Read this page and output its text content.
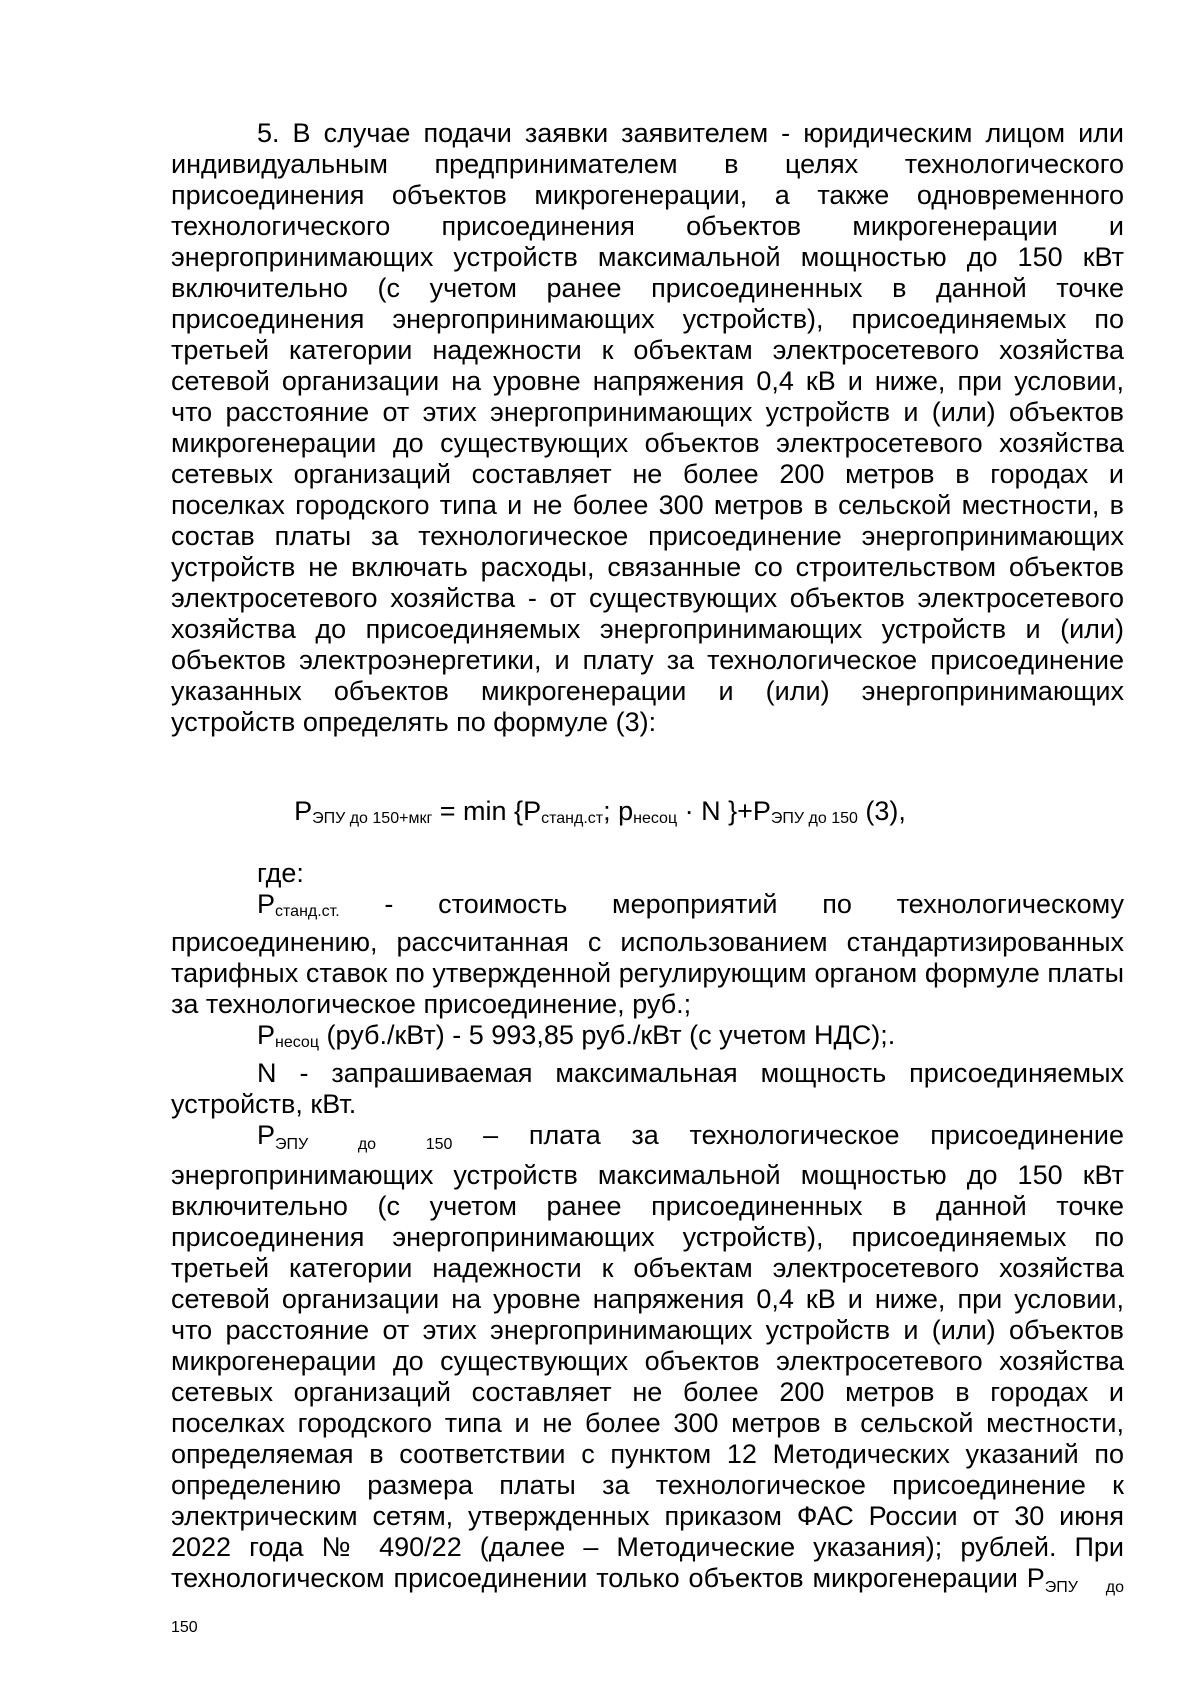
5. В случае подачи заявки заявителем - юридическим лицом или индивидуальным предпринимателем в целях технологического присоединения объектов микрогенерации, а также одновременного технологического присоединения объектов микрогенерации и энергопринимающих устройств максимальной мощностью до 150 кВт включительно (с учетом ранее присоединенных в данной точке присоединения энергопринимающих устройств), присоединяемых по третьей категории надежности к объектам электросетевого хозяйства сетевой организации на уровне напряжения 0,4 кВ и ниже, при условии, что расстояние от этих энергопринимающих устройств и (или) объектов микрогенерации до существующих объектов электросетевого хозяйства сетевых организаций составляет не более 200 метров в городах и поселках городского типа и не более 300 метров в сельской местности, в состав платы за технологическое присоединение энергопринимающих устройств не включать расходы, связанные со строительством объектов электросетевого хозяйства - от существующих объектов электросетевого хозяйства до присоединяемых энергопринимающих устройств и (или) объектов электроэнергетики, и плату за технологическое присоединение указанных объектов микрогенерации и (или) энергопринимающих устройств определять по формуле (3):

PЭПУ до 150+мкг = min {Pстанд.ст; pнесоц · N }+PЭПУ до 150 (3),

где:

Pстанд.ст. - стоимость мероприятий по технологическому присоединению, рассчитанная с использованием стандартизированных тарифных ставок по утвержденной регулирующим органом формуле платы за технологическое присоединение, руб.;

Pнесоц (руб./кВт) - 5 993,85 руб./кВт (с учетом НДС);.

N - запрашиваемая максимальная мощность присоединяемых устройств, кВт.

PЭПУ до 150 – плата за технологическое присоединение энергопринимающих устройств максимальной мощностью до 150 кВт включительно (с учетом ранее присоединенных в данной точке присоединения энергопринимающих устройств), присоединяемых по третьей категории надежности к объектам электросетевого хозяйства сетевой организации на уровне напряжения 0,4 кВ и ниже, при условии, что расстояние от этих энергопринимающих устройств и (или) объектов микрогенерации до существующих объектов электросетевого хозяйства сетевых организаций составляет не более 200 метров в городах и поселках городского типа и не более 300 метров в сельской местности, определяемая в соответствии с пунктом 12 Методических указаний по определению размера платы за технологическое присоединение к электрическим сетям, утвержденных приказом ФАС России от 30 июня 2022 года № 490/22 (далее – Методические указания); рублей. При технологическом присоединении только объектов микрогенерации PЭПУ до 150
